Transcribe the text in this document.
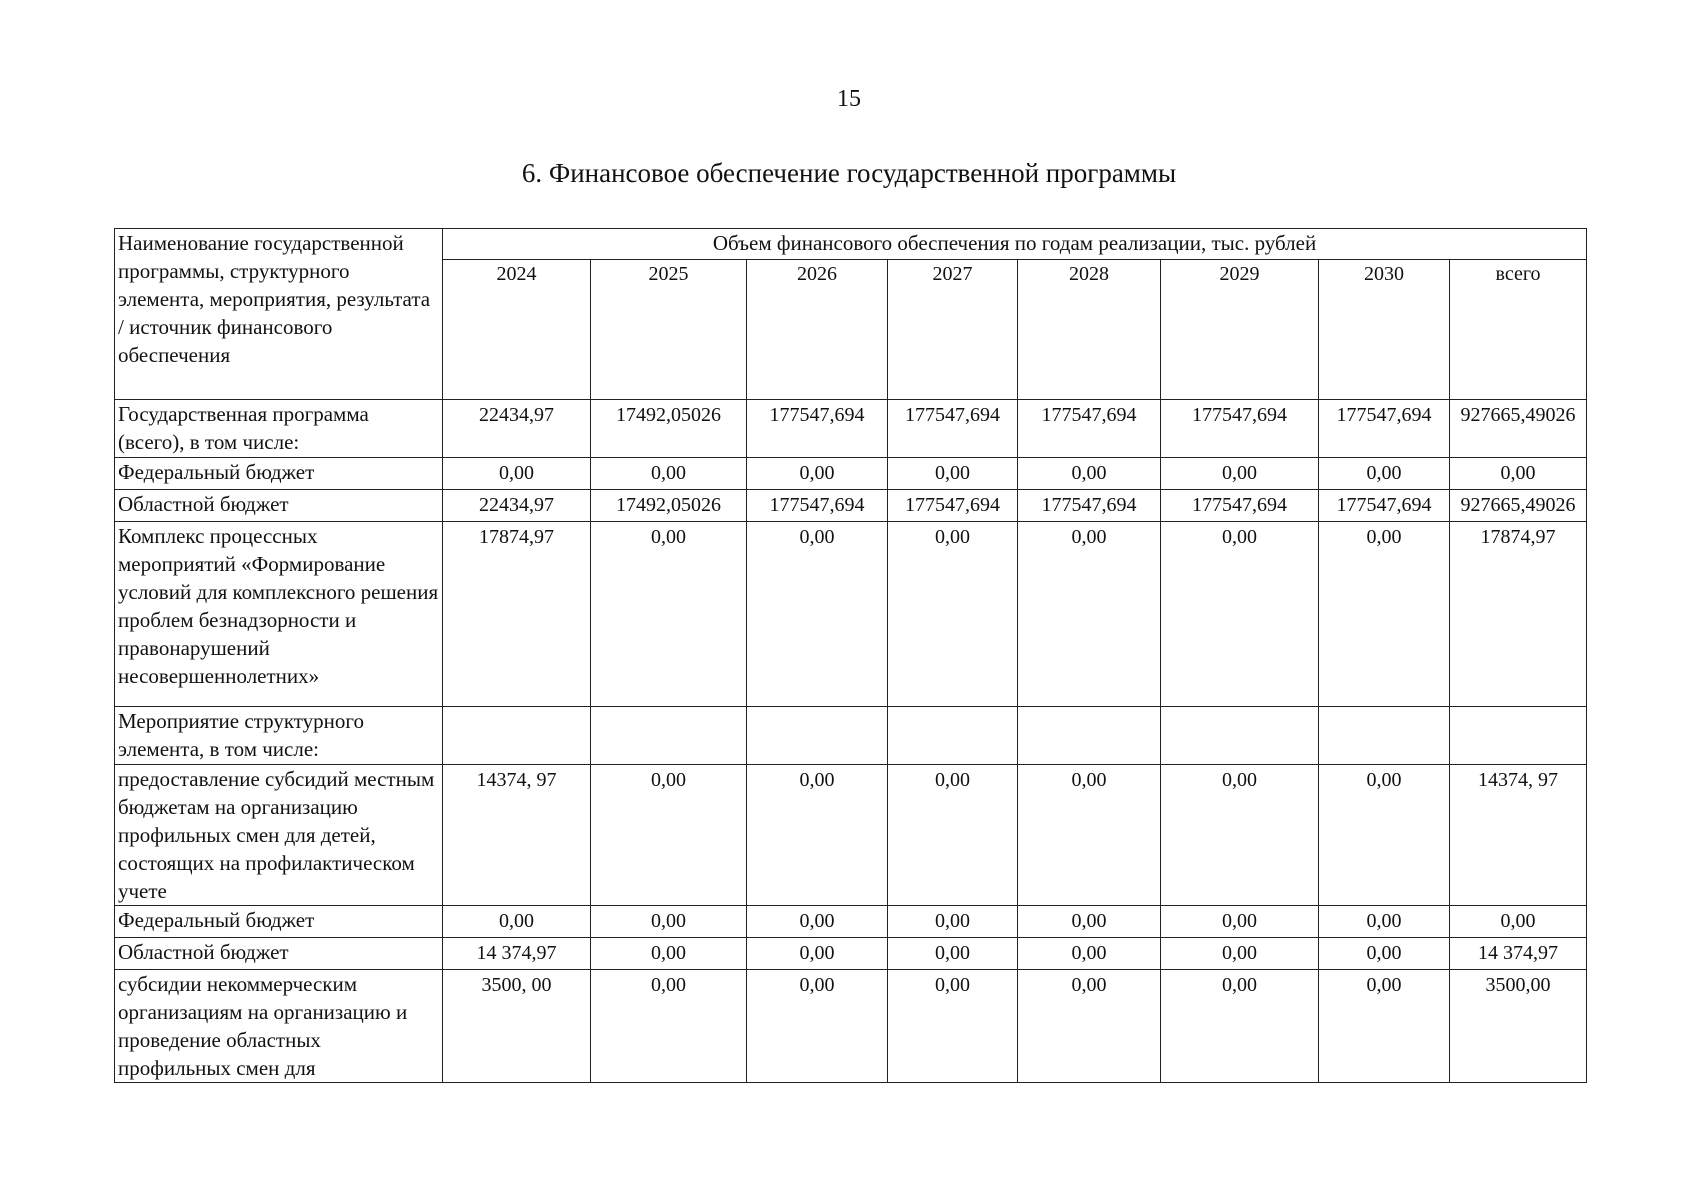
15
6. Финансовое обеспечение государственной программы
Наименование государственной программы, структурного элемента, мероприятия, результата / источник финансового обеспечения	Объем финансового обеспечения по годам реализации, тыс. рублей							
	2024	2025	2026	2027	2028	2029	2030	всего
Государственная программа (всего), в том числе:	22434,97	17492,05026	177547,694	177547,694	177547,694	177547,694	177547,694	927665,49026
Федеральный бюджет	0,00	0,00	0,00	0,00	0,00	0,00	0,00	0,00
Областной бюджет	22434,97	17492,05026	177547,694	177547,694	177547,694	177547,694	177547,694	927665,49026
Комплекс процессных мероприятий «Формирование условий для комплексного решения проблем безнадзорности и правонарушений несовершеннолетних»	17874,97	0,00	0,00	0,00	0,00	0,00	0,00	17874,97
Мероприятие структурного элемента, в том числе:								
предоставление субсидий местным бюджетам на организацию профильных смен для детей, состоящих на профилактическом учете	14374, 97	0,00	0,00	0,00	0,00	0,00	0,00	14374, 97
Федеральный бюджет	0,00	0,00	0,00	0,00	0,00	0,00	0,00	0,00
Областной бюджет	14 374,97	0,00	0,00	0,00	0,00	0,00	0,00	14 374,97
субсидии некоммерческим организациям на организацию и проведение областных профильных смен для	3500, 00	0,00	0,00	0,00	0,00	0,00	0,00	3500,00
